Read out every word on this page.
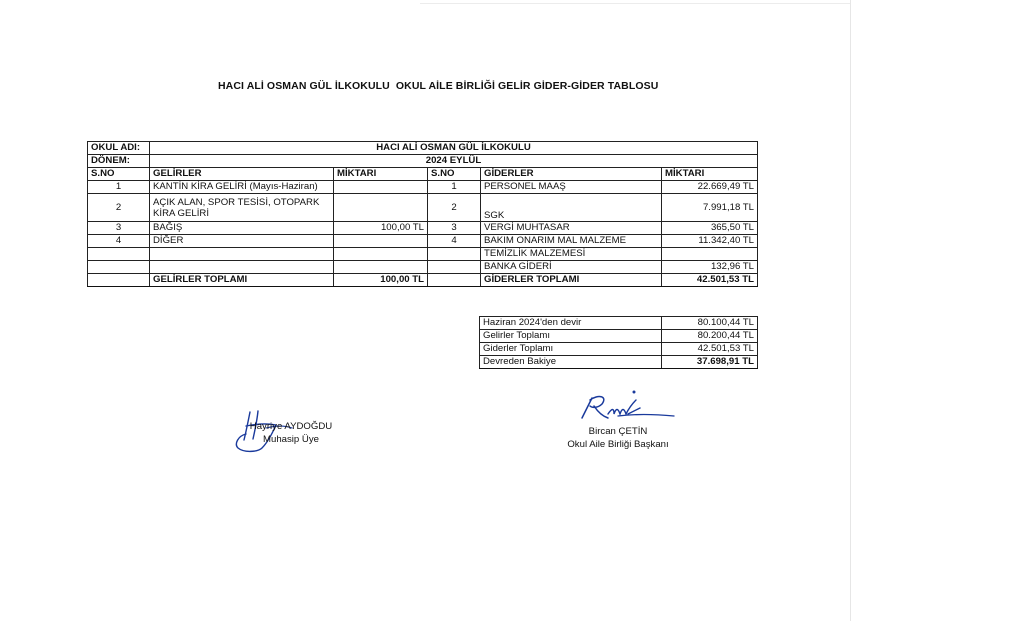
HACI ALİ OSMAN GÜL İLKOKULU  OKUL AİLE BİRLİĞİ GELİR GİDER-GİDER TABLOSU
OKUL ADI:	HACI ALİ OSMAN GÜL İLKOKULU				
DÖNEM:	2024 EYLÜL				
S.NO	GELİRLER	MİKTARI	S.NO	GİDERLER	MİKTARI
1	KANTİN KİRA GELİRİ (Mayıs-Haziran)		1	PERSONEL MAAŞ	22.669,49 TL
2	AÇIK ALAN, SPOR TESİSİ, OTOPARK KİRA GELİRİ		2	SGK	7.991,18 TL
3	BAĞIŞ	100,00 TL	3	VERGİ MUHTASAR	365,50 TL
4	DİĞER		4	BAKIM ONARIM MAL MALZEME	11.342,40 TL
				TEMİZLİK MALZEMESİ	
				BANKA GİDERİ	132,96 TL
	GELİRLER TOPLAMI	100,00 TL		GİDERLER TOPLAMI	42.501,53 TL
Haziran 2024'den devir	80.100,44 TL
Gelirler Toplamı	80.200,44 TL
Giderler Toplamı	42.501,53 TL
Devreden Bakiye	37.698,91 TL
Hayriye AYDOĞDU
Muhasip Üye
Bircan ÇETİN
Okul Aile Birliği Başkanı
